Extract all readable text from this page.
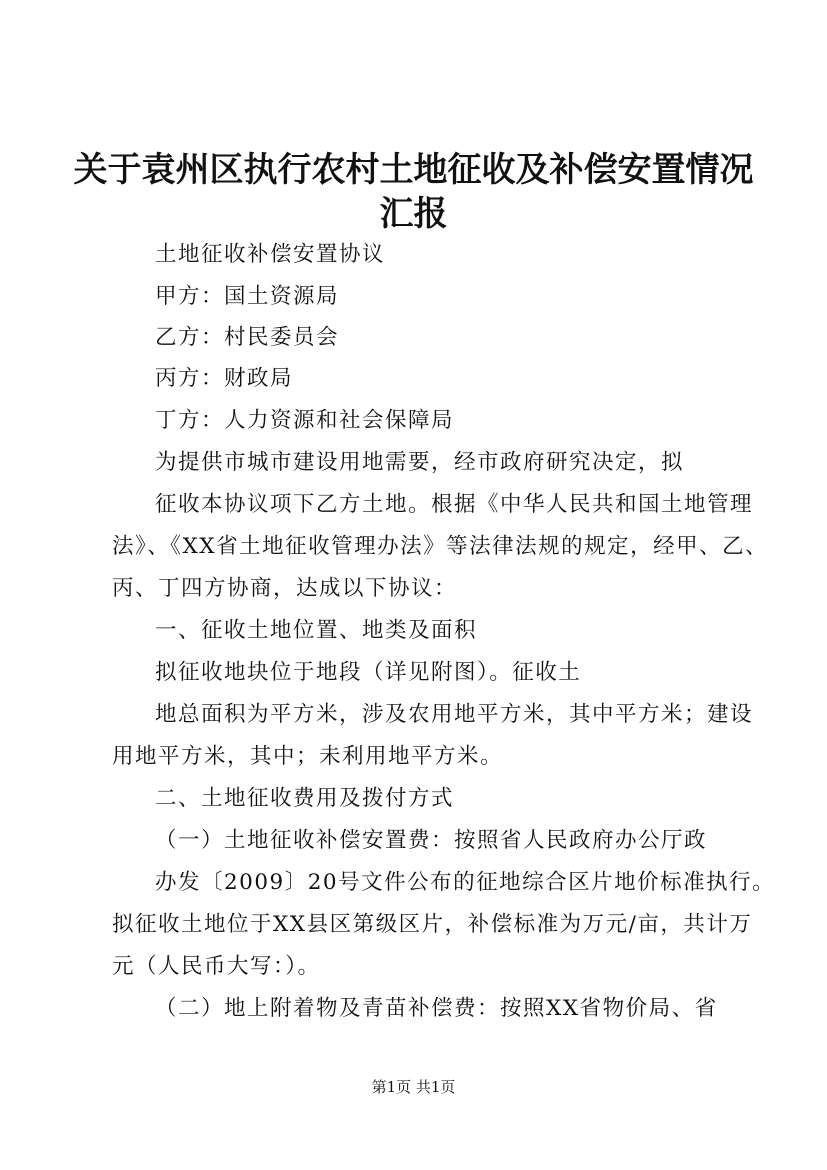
关于袁州区执行农村土地征收及补偿安置情况
汇报
土地征收补偿安置协议
甲方：国土资源局
乙方：村民委员会
丙方：财政局
丁方：人力资源和社会保障局
为提供市城市建设用地需要，经市政府研究决定，拟
征收本协议项下乙方土地。根据《中华人民共和国土地管理
法》、《XX省土地征收管理办法》等法律法规的规定，经甲、乙、
丙、丁四方协商，达成以下协议：
一、征收土地位置、地类及面积
拟征收地块位于地段（详见附图）。征收土
地总面积为平方米，涉及农用地平方米，其中平方米；建设
用地平方米，其中；未利用地平方米。
二、土地征收费用及拨付方式
（一）土地征收补偿安置费：按照省人民政府办公厅政
办发〔2009〕20号文件公布的征地综合区片地价标准执行。
拟征收土地位于XX县区第级区片，补偿标准为万元/亩，共计万
元（人民币大写：）。
（二）地上附着物及青苗补偿费：按照XX省物价局、省
第1页 共1页
